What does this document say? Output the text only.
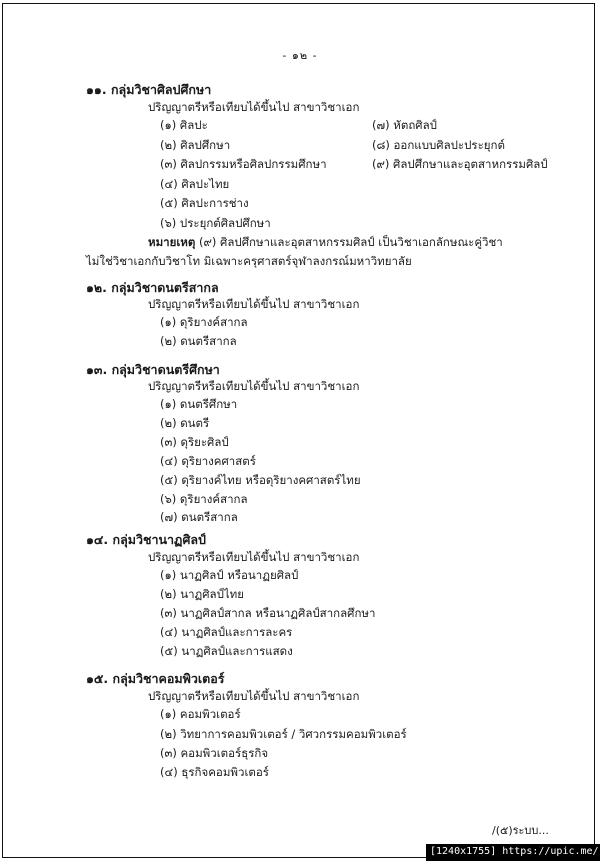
- ๑๒ -
๑๑. กลุ่มวิชาศิลปศึกษา
ปริญญาตรีหรือเทียบได้ขึ้นไป สาขาวิชาเอก
(๑) ศิลปะ
(๒) ศิลปศึกษา
(๓) ศิลปกรรมหรือศิลปกรรมศึกษา
(๔) ศิลปะไทย
(๕) ศิลปะการช่าง
(๖) ประยุกต์ศิลปศึกษา
(๗) หัตถศิลป์
(๘) ออกแบบศิลปะประยุกต์
(๙) ศิลปศึกษาและอุตสาหกรรมศิลป์
หมายเหตุ (๙) ศิลปศึกษาและอุตสาหกรรมศิลป์ เป็นวิชาเอกลักษณะคู่วิชา
ไม่ใช่วิชาเอกกับวิชาโท มิเฉพาะครุศาสตร์จุฬาลงกรณ์มหาวิทยาลัย
๑๒. กลุ่มวิชาดนตรีสากล
ปริญญาตรีหรือเทียบได้ขึ้นไป สาขาวิชาเอก
(๑) ดุริยางค์สากล
(๒) ดนตรีสากล
๑๓. กลุ่มวิชาดนตรีศึกษา
ปริญญาตรีหรือเทียบได้ขึ้นไป สาขาวิชาเอก
(๑) ดนตรีศึกษา
(๒) ดนตรี
(๓) ดุริยะศิลป์
(๔) ดุริยางคศาสตร์
(๕) ดุริยางค์ไทย หรือดุริยางคศาสตร์ไทย
(๖) ดุริยางค์สากล
(๗) ดนตรีสากล
๑๔. กลุ่มวิชานาฏศิลป์
ปริญญาตรีหรือเทียบได้ขึ้นไป สาขาวิชาเอก
(๑) นาฏศิลป์ หรือนาฏยศิลป์
(๒) นาฏศิลป์ไทย
(๓) นาฏศิลป์สากล หรือนาฏศิลป์สากลศึกษา
(๔) นาฏศิลป์และการละคร
(๕) นาฏศิลป์และการแสดง
๑๕. กลุ่มวิชาคอมพิวเตอร์
ปริญญาตรีหรือเทียบได้ขึ้นไป สาขาวิชาเอก
(๑) คอมพิวเตอร์
(๒) วิทยาการคอมพิวเตอร์ / วิศวกรรมคอมพิวเตอร์
(๓) คอมพิวเตอร์ธุรกิจ
(๔) ธุรกิจคอมพิวเตอร์
/(๕)ระบบ...
[1240x1755] https://upic.me/
